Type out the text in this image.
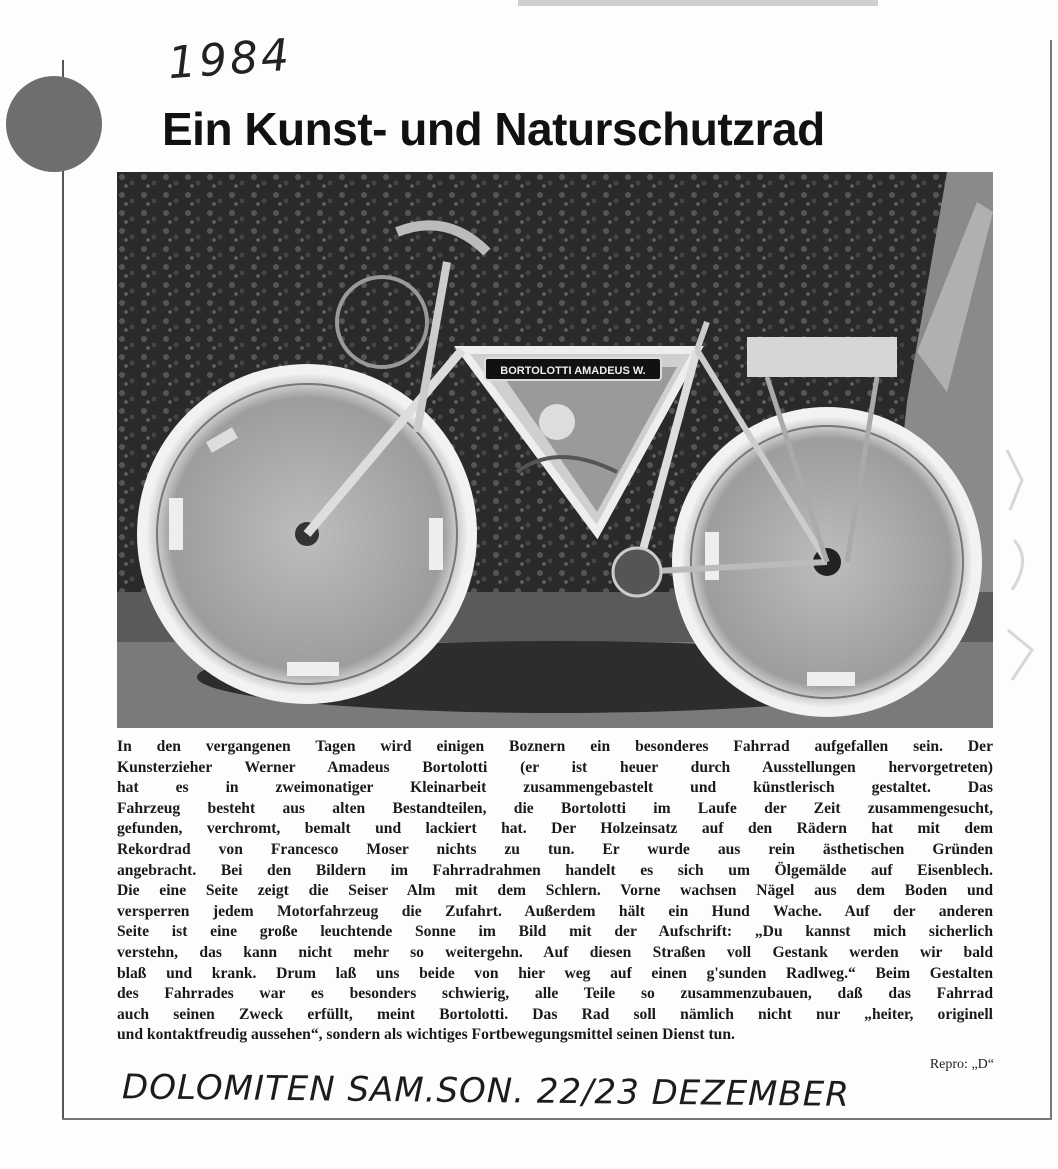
1984
Ein Kunst- und Naturschutzrad
BORTOLOTTI AMADEUS W.
In den vergangenen Tagen wird einigen Boznern ein besonderes Fahrrad aufgefallen sein. Der
Kunsterzieher Werner Amadeus Bortolotti (er ist heuer durch Ausstellungen hervorgetreten)
hat es in zweimonatiger Kleinarbeit zusammengebastelt und künstlerisch gestaltet. Das
Fahrzeug besteht aus alten Bestandteilen, die Bortolotti im Laufe der Zeit zusammengesucht,
gefunden, verchromt, bemalt und lackiert hat. Der Holzeinsatz auf den Rädern hat mit dem
Rekordrad von Francesco Moser nichts zu tun. Er wurde aus rein ästhetischen Gründen
angebracht. Bei den Bildern im Fahrradrahmen handelt es sich um Ölgemälde auf Eisenblech.
Die eine Seite zeigt die Seiser Alm mit dem Schlern. Vorne wachsen Nägel aus dem Boden und
versperren jedem Motorfahrzeug die Zufahrt. Außerdem hält ein Hund Wache. Auf der anderen
Seite ist eine große leuchtende Sonne im Bild mit der Aufschrift: „Du kannst mich sicherlich
verstehn, das kann nicht mehr so weitergehn. Auf diesen Straßen voll Gestank werden wir bald
blaß und krank. Drum laß uns beide von hier weg auf einen g'sunden Radlweg.“ Beim Gestalten
des Fahrrades war es besonders schwierig, alle Teile so zusammenzubauen, daß das Fahrrad
auch seinen Zweck erfüllt, meint Bortolotti. Das Rad soll nämlich nicht nur „heiter, originell
und kontaktfreudig aussehen“, sondern als wichtiges Fortbewegungsmittel seinen Dienst tun.
Repro: „D“
DOLOMITEN SAM.SON. 22/23 DEZEMBER
